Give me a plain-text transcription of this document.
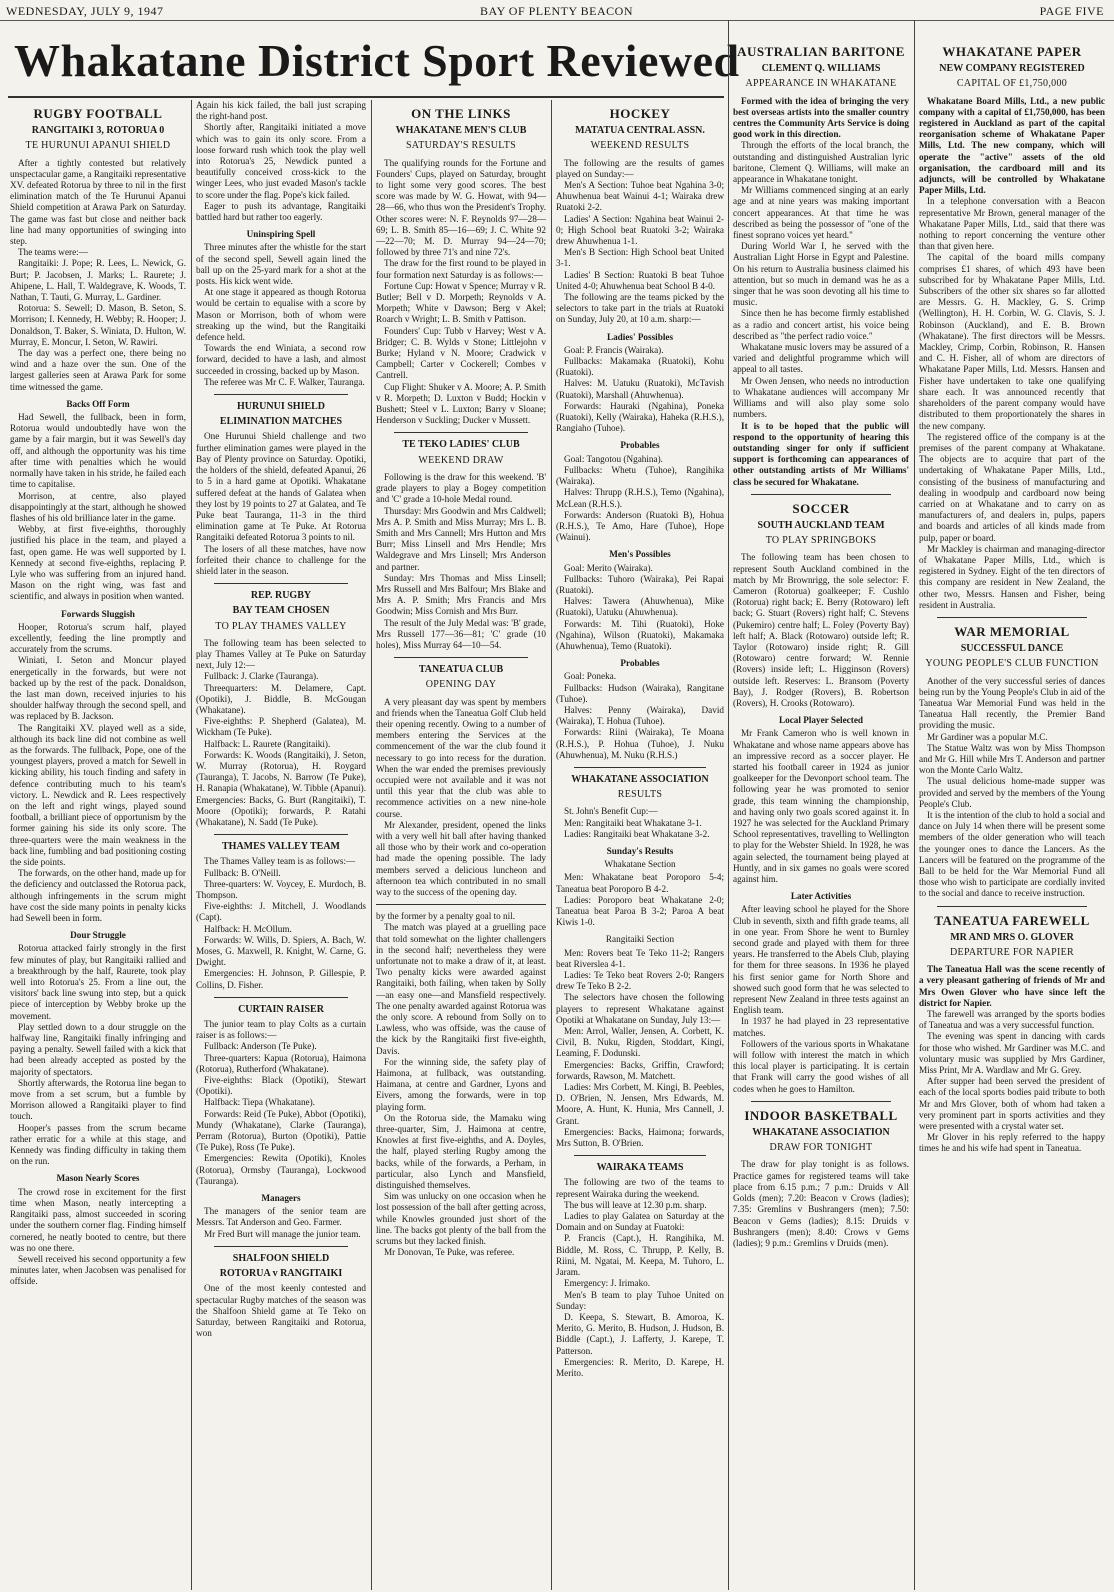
WEDNESDAY, JULY 9, 1947	BAY OF PLENTY BEACON	PAGE FIVE
Whakatane District Sport Reviewed
RUGBY FOOTBALL
RANGITAIKI 3, ROTORUA 0
TE HURUNUI APANUI SHIELD

After a tightly contested but relatively unspectacular game, a Rangitaiki representative XV. defeated Rotorua by three to nil in the first elimination match of the Te Hurunui Apanui Shield competition at Arawa Park on Saturday. The game was fast but close and neither back line had many opportunities of swinging into step.

The teams were:—

Rangitaiki: J. Pope; R. Lees, L. Newick, G. Burt; P. Jacobsen, J. Marks; L. Raurete; J. Ahipene, L. Hall, T. Waldegrave, K. Woods, T. Nathan, T. Tauti, G. Murray, L. Gardiner.

Rotorua: S. Sewell; D. Mason, B. Seton, S. Morrison; I. Kennedy, H. Webby; R. Hooper; J. Donaldson, T. Baker, S. Winiata, D. Hulton, W. Murray, E. Moncur, I. Seton, W. Rawiri.

The day was a perfect one, there being no wind and a haze over the sun. One of the largest galleries seen at Arawa Park for some time witnessed the game.

Backs Off Form

Had Sewell, the fullback, been in form, Rotorua would undoubtedly have won the game by a fair margin, but it was Sewell's day off, and although the opportunity was his time after time with penalties which he would normally have taken in his stride, he failed each time to capitalise.

Morrison, at centre, also played disappointingly at the start, although he showed flashes of his old brilliance later in the game.

Webby, at first five-eighths, thoroughly justified his place in the team, and played a fast, open game. He was well supported by I. Kennedy at second five-eighths, replacing P. Lyle who was suffering from an injured hand. Mason on the right wing, was fast and scientific, and always in position when wanted.

Forwards Sluggish

Hooper, Rotorua's scrum half, played excellently, feeding the line promptly and accurately from the scrums.

Winiati, I. Seton and Moncur played energetically in the forwards, but were not backed up by the rest of the pack. Donaldson, the last man down, received injuries to his shoulder halfway through the second spell, and was replaced by B. Jackson.

The Rangitaiki XV. played well as a side, although its back line did not combine as well as the forwards. The fullback, Pope, one of the youngest players, proved a match for Sewell in kicking ability, his touch finding and safety in defence contributing much to his team's victory. L. Newdick and R. Lees respectively on the left and right wings, played sound football, a brilliant piece of opportunism by the former gaining his side its only score. The three-quarters were the main weakness in the back line, fumbling and bad positioning costing the side points.

The forwards, on the other hand, made up for the deficiency and outclassed the Rotorua pack, although infringements in the scrum might have cost the side many points in penalty kicks had Sewell been in form.

Dour Struggle

Rotorua attacked fairly strongly in the first few minutes of play, but Rangitaiki rallied and a breakthrough by the half, Raurete, took play well into Rotorua's 25. From a line out, the visitors' back line swung into step, but a quick piece of interception by Webby broke up the movement.

Play settled down to a dour struggle on the halfway line, Rangitaiki finally infringing and paying a penalty. Sewell failed with a kick that had been already accepted as posted by the majority of spectators.

Shortly afterwards, the Rotorua line began to move from a set scrum, but a fumble by Morrison allowed a Rangitaiki player to find touch.

Hooper's passes from the scrum became rather erratic for a while at this stage, and Kennedy was finding difficulty in taking them on the run.

Mason Nearly Scores

The crowd rose in excitement for the first time when Mason, neatly intercepting a Rangitaiki pass, almost succeeded in scoring under the southern corner flag. Finding himself cornered, he neatly booted to centre, but there was no one there.

Sewell received his second opportunity a few minutes later, when Jacobsen was penalised for offside.

Again his kick failed, the ball just scraping the right-hand post.

Shortly after, Rangitaiki initiated a move which was to gain its only score. From a loose forward rush which took the play well into Rotorua's 25, Newdick punted a beautifully conceived cross-kick to the winger Lees, who just evaded Mason's tackle to score under the flag. Pope's kick failed.

Eager to push its advantage, Rangitaiki battled hard but rather too eagerly.

Uninspiring Spell

Three minutes after the whistle for the start of the second spell, Sewell again lined the ball up on the 25-yard mark for a shot at the posts. His kick went wide.

At one stage it appeared as though Rotorua would be certain to equalise with a score by Mason or Morrison, both of whom were streaking up the wind, but the Rangitaiki defence held.

Towards the end Winiata, a second row forward, decided to have a lash, and almost succeeded in crossing, backed up by Mason.

The referee was Mr C. F. Walker, Tauranga.

HURUNUI SHIELD
ELIMINATION MATCHES

One Hurunui Shield challenge and two further elimination games were played in the Bay of Plenty province on Saturday. Opotiki, the holders of the shield, defeated Apanui, 26 to 5 in a hard game at Opotiki. Whakatane suffered defeat at the hands of Galatea when they lost by 19 points to 27 at Galatea, and Te Puke beat Tauranga, 11-3 in the third elimination game at Te Puke. At Rotorua Rangitaiki defeated Rotorua 3 points to nil.

The losers of all these matches, have now forfeited their chance to challenge for the shield later in the season.

REP. RUGBY
BAY TEAM CHOSEN
TO PLAY THAMES VALLEY

The following team has been selected to play Thames Valley at Te Puke on Saturday next, July 12:—

Fullback: J. Clarke (Tauranga).

Threequarters: M. Delamere, Capt. (Opotiki), J. Biddle, B. McGougan (Whakatane).

Five-eighths: P. Shepherd (Galatea), M. Wickham (Te Puke).

Halfback: L. Raurete (Rangitaiki).

Forwards: K. Woods (Rangitaiki), J. Seton, W. Murray (Rotorua), H. Roygard (Tauranga), T. Jacobs, N. Barrow (Te Puke), H. Ranapia (Whakatane), W. Tibble (Apanui). Emergencies: Backs, G. Burt (Rangitaiki), T. Moore (Opotiki); forwards, P. Ratahi (Whakatane), N. Sadd (Te Puke).

THAMES VALLEY TEAM

The Thames Valley team is as follows:—

Fullback: B. O'Neill.

Three-quarters: W. Voycey, E. Murdoch, B. Thompson.

Five-eighths: J. Mitchell, J. Woodlands (Capt).

Halfback: H. McOllum.

Forwards: W. Wills, D. Spiers, A. Bach, W. Moses, G. Maxwell, R. Knight, W. Carne, G. Dwight.

Emergencies: H. Johnson, P. Gillespie, P. Collins, D. Fisher.

CURTAIN RAISER

The junior team to play Colts as a curtain raiser is as follows:—

Fullback: Anderson (Te Puke).

Three-quarters: Kapua (Rotorua), Haimona (Rotorua), Rutherford (Whakatane).

Five-eighths: Black (Opotiki), Stewart (Opotiki).

Halfback: Tiepa (Whakatane).

Forwards: Reid (Te Puke), Abbot (Opotiki), Mundy (Whakatane), Clarke (Tauranga), Perram (Rotorua), Burton (Opotiki), Pattie (Te Puke), Ross (Te Puke).

Emergencies: Rewita (Opotiki), Knoles (Rotorua), Ormsby (Tauranga), Lockwood (Tauranga).

Managers

The managers of the senior team are Messrs. Tat Anderson and Geo. Farmer.

Mr Fred Burt will manage the junior team.

SHALFOON SHIELD
ROTORUA v RANGITAIKI

One of the most keenly contested and spectacular Rugby matches of the season was the Shalfoon Shield game at Te Teko on Saturday, between Rangitaiki and Rotorua, won

ON THE LINKS
WHAKATANE MEN'S CLUB
SATURDAY'S RESULTS

The qualifying rounds for the Fortune and Founders' Cups, played on Saturday, brought to light some very good scores. The best score was made by W. G. Howat, with 94—28—66, who thus won the President's Trophy. Other scores were: N. F. Reynolds 97—28—69; L. B. Smith 85—16—69; J. C. White 92—22—70; M. D. Murray 94—24—70; followed by three 71's and nine 72's.

The draw for the first round to be played in four formation next Saturday is as follows:—

Fortune Cup: Howat v Spence; Murray v R. Butler; Bell v D. Morpeth; Reynolds v A. Morpeth; White v Dawson; Berg v Akel; Roarch v Wright; L. B. Smith v Pattison.

Founders' Cup: Tubb v Harvey; West v A. Bridger; C. B. Wylds v Stone; Littlejohn v Burke; Hyland v N. Moore; Cradwick v Campbell; Carter v Cockerell; Combes v Cantrell.

Cup Flight: Shuker v A. Moore; A. P. Smith v R. Morpeth; D. Luxton v Budd; Hockin v Bushett; Steel v L. Luxton; Barry v Sloane; Henderson v Suckling; Ducker v Mussett.

TE TEKO LADIES' CLUB
WEEKEND DRAW

Following is the draw for this weekend. 'B' grade players to play a Bogey competition and 'C' grade a 10-hole Medal round.

Thursday: Mrs Goodwin and Mrs Caldwell; Mrs A. P. Smith and Miss Murray; Mrs L. B. Smith and Mrs Cannell; Mrs Hutton and Mrs Burr; Miss Linsell and Mrs Hendle; Mrs Waldegrave and Mrs Linsell; Mrs Anderson and partner.

Sunday: Mrs Thomas and Miss Linsell; Mrs Russell and Mrs Balfour; Mrs Blake and Mrs A. P. Smith; Mrs Francis and Mrs Goodwin; Miss Cornish and Mrs Burr.

The result of the July Medal was: 'B' grade, Mrs Russell 177—36—81; 'C' grade (10 holes), Miss Murray 64—10—54.

TANEATUA CLUB
OPENING DAY

A very pleasant day was spent by members and friends when the Taneatua Golf Club held their opening recently. Owing to a number of members entering the Services at the commencement of the war the club found it necessary to go into recess for the duration. When the war ended the premises previously occupied were not available and it was not until this year that the club was able to recommence activities on a new nine-hole course.

Mr Alexander, president, opened the links with a very well hit ball after having thanked all those who by their work and co-operation had made the opening possible. The lady members served a delicious luncheon and afternoon tea which contributed in no small way to the success of the opening day.

by the former by a penalty goal to nil.

The match was played at a gruelling pace that told somewhat on the lighter challengers in the second half; nevertheless they were unfortunate not to make a draw of it, at least. Two penalty kicks were awarded against Rangitaiki, both failing, when taken by Solly—an easy one—and Mansfield respectively. The one penalty awarded against Rotorua was the only score. A rebound from Solly on to Lawless, who was offside, was the cause of the kick by the Rangitaiki first five-eighth, Davis.

For the winning side, the safety play of Haimona, at fullback, was outstanding. Haimana, at centre and Gardner, Lyons and Eivers, among the forwards, were in top playing form.

On the Rotorua side, the Mamaku wing three-quarter, Sim, J. Haimona at centre, Knowles at first five-eighths, and A. Doyles, the half, played sterling Rugby among the backs, while of the forwards, a Perham, in particular, also Lynch and Mansfield, distinguished themselves.

Sim was unlucky on one occasion when he lost possession of the ball after getting across, while Knowles grounded just short of the line. The backs got plenty of the ball from the scrums but they lacked finish.

Mr Donovan, Te Puke, was referee.

HOCKEY
MATATUA CENTRAL ASSN.
WEEKEND RESULTS

The following are the results of games played on Sunday:—

Men's A Section: Tuhoe beat Ngahina 3-0; Ahuwhenua beat Wainui 4-1; Wairaka drew Ruatoki 2-2.

Ladies' A Section: Ngahina beat Wainui 2-0; High School beat Ruatoki 3-2; Wairaka drew Ahuwhenua 1-1.

Men's B Section: High School beat United 3-1.

Ladies' B Section: Ruatoki B beat Tuhoe United 4-0; Ahuwhenua beat School B 4-0.

The following are the teams picked by the selectors to take part in the trials at Ruatoki on Sunday, July 20, at 10 a.m. sharp:—

Ladies' Possibles

Goal: P. Francis (Wairaka).

Fullbacks: Makamaka (Ruatoki), Kohu (Ruatoki).

Halves: M. Uatuku (Ruatoki), McTavish (Ruatoki), Marshall (Ahuwhenua).

Forwards: Hauraki (Ngahina), Poneka (Ruatoki), Kelly (Wairaka), Haheka (R.H.S.), Rangiaho (Tuhoe).

Probables

Goal: Tangotou (Ngahina).

Fullbacks: Whetu (Tuhoe), Rangihika (Wairaka).

Halves: Thrupp (R.H.S.), Temo (Ngahina), McLean (R.H.S.).

Forwards: Anderson (Ruatoki B), Hohua (R.H.S.), Te Amo, Hare (Tuhoe), Hope (Wainui).

Men's Possibles

Goal: Merito (Wairaka).

Fullbacks: Tuhoro (Wairaka), Pei Rapai (Ruatoki).

Halves: Tawera (Ahuwhenua), Mike (Ruatoki), Uatuku (Ahuwhenua).

Forwards: M. Tihi (Ruatoki), Hoke (Ngahina), Wilson (Ruatoki), Makamaka (Ahuwhenua), Temo (Ruatoki).

Probables

Goal: Poneka.

Fullbacks: Hudson (Wairaka), Rangitane (Tuhoe).

Halves: Penny (Wairaka), David (Wairaka), T. Hohua (Tuhoe).

Forwards: Riini (Wairaka), Te Moana (R.H.S.), P. Hohua (Tuhoe), J. Nuku (Ahuwhenua), M. Nuku (R.H.S.)

WHAKATANE ASSOCIATION
RESULTS

St. John's Benefit Cup:—

Men: Rangitaiki beat Whakatane 3-1.

Ladies: Rangitaiki beat Whakatane 3-2.

Sunday's Results

Whakatane Section

Men: Whakatane beat Poroporo 5-4; Taneatua beat Poroporo B 4-2.

Ladies: Poroporo beat Whakatane 2-0; Taneatua beat Paroa B 3-2; Paroa A beat Kiwis 1-0.

Rangitaiki Section

Men: Rovers beat Te Teko 11-2; Rangers beat Riverslea 4-1.

Ladies: Te Teko beat Rovers 2-0; Rangers drew Te Teko B 2-2.

The selectors have chosen the following players to represent Whakatane against Opotiki at Whakatane on Sunday, July 13:—

Men: Arrol, Waller, Jensen, A. Corbett, K. Civil, B. Nuku, Rigden, Stoddart, Kingi, Leaming, F. Dodunski.

Emergencies: Backs, Griffin, Crawford; forwards, Rawson, M. Matchett.

Ladies: Mrs Corbett, M. Kingi, B. Peebles, D. O'Brien, N. Jensen, Mrs Edwards, M. Moore, A. Hunt, K. Hunia, Mrs Cannell, J. Grant.

Emergencies: Backs, Haimona; forwards, Mrs Sutton, B. O'Brien.

WAIRAKA TEAMS

The following are two of the teams to represent Wairaka during the weekend.

The bus will leave at 12.30 p.m. sharp.

Ladies to play Galatea on Saturday at the Domain and on Sunday at Fuatoki:

P. Francis (Capt.), H. Rangihika, M. Biddle, M. Ross, C. Thrupp, P. Kelly, B. Riini, M. Ngatai, M. Keepa, M. Tuhoro, L. Jaram.

Emergency: J. Irimako.

Men's B team to play Tuhoe United on Sunday:

D. Keepa, S. Stewart, B. Amoroa, K. Merito, G. Merito, B. Hudson, J. Hudson, B. Biddle (Capt.), J. Lafferty, J. Karepe, T. Patterson.

Emergencies: R. Merito, D. Karepe, H. Merito.

AUSTRALIAN BARITONE
CLEMENT Q. WILLIAMS
APPEARANCE IN WHAKATANE

Formed with the idea of bringing the very best overseas artists into the smaller country centres the Community Arts Service is doing good work in this direction.

Through the efforts of the local branch, the outstanding and distinguished Australian lyric baritone, Clement Q. Williams, will make an appearance in Whakatane tonight.

Mr Williams commenced singing at an early age and at nine years was making important concert appearances. At that time he was described as being the possessor of "one of the finest soprano voices yet heard."

During World War I, he served with the Australian Light Horse in Egypt and Palestine. On his return to Australia business claimed his attention, but so much in demand was he as a singer that he was soon devoting all his time to music.

Since then he has become firmly established as a radio and concert artist, his voice being described as "the perfect radio voice."

Whakatane music lovers may be assured of a varied and delightful programme which will appeal to all tastes.

Mr Owen Jensen, who needs no introduction to Whakatane audiences will accompany Mr Williams and will also play some solo numbers.

It is to be hoped that the public will respond to the opportunity of hearing this outstanding singer for only if sufficient support is forthcoming can appearances of other outstanding artists of Mr Williams' class be secured for Whakatane.

SOCCER
SOUTH AUCKLAND TEAM
TO PLAY SPRINGBOKS

The following team has been chosen to represent South Auckland combined in the match by Mr Brownrigg, the sole selector: F. Cameron (Rotorua) goalkeeper; F. Cushlo (Rotorua) right back; E. Berry (Rotowaro) left back; G. Stuart (Rovers) right half; C. Stevens (Pukemiro) centre half; L. Foley (Poverty Bay) left half; A. Black (Rotowaro) outside left; R. Taylor (Rotowaro) inside right; R. Gill (Rotowaro) centre forward; W. Rennie (Rovers) inside left; L. Higginson (Rovers) outside left. Reserves: L. Bransom (Poverty Bay), J. Rodger (Rovers), B. Robertson (Rovers), H. Crooks (Rotowaro).

Local Player Selected

Mr Frank Cameron who is well known in Whakatane and whose name appears above has an impressive record as a soccer player. He started his football career in 1924 as junior goalkeeper for the Devonport school team. The following year he was promoted to senior grade, this team winning the championship, and having only two goals scored against it. In 1927 he was selected for the Auckland Primary School representatives, travelling to Wellington to play for the Webster Shield. In 1928, he was again selected, the tournament being played at Huntly, and in six games no goals were scored against him.

Later Activities

After leaving school he played for the Shore Club in seventh, sixth and fifth grade teams, all in one year. From Shore he went to Burnley second grade and played with them for three years. He transferred to the Abels Club, playing for them for three seasons. In 1936 he played his first senior game for North Shore and showed such good form that he was selected to represent New Zealand in three tests against an English team.

In 1937 he had played in 23 representative matches.

Followers of the various sports in Whakatane will follow with interest the match in which this local player is participating. It is certain that Frank will carry the good wishes of all codes when he goes to Hamilton.

INDOOR BASKETBALL
WHAKATANE ASSOCIATION
DRAW FOR TONIGHT

The draw for play tonight is as follows. Practice games for registered teams will take place from 6.15 p.m.; 7 p.m.: Druids v All Golds (men); 7.20: Beacon v Crows (ladies); 7.35: Gremlins v Bushrangers (men); 7.50: Beacon v Gems (ladies); 8.15: Druids v Bushrangers (men); 8.40: Crows v Gems (ladies); 9 p.m.: Gremlins v Druids (men).

WHAKATANE PAPER
NEW COMPANY REGISTERED
CAPITAL OF £1,750,000

Whakatane Board Mills, Ltd., a new public company with a capital of £1,750,000, has been registered in Auckland as part of the capital reorganisation scheme of Whakatane Paper Mills, Ltd. The new company, which will operate the "active" assets of the old organisation, the cardboard mill and its adjuncts, will be controlled by Whakatane Paper Mills, Ltd.

In a telephone conversation with a Beacon representative Mr Brown, general manager of the Whakatane Paper Mills, Ltd., said that there was nothing to report concerning the venture other than that given here.

The capital of the board mills company comprises £1 shares, of which 493 have been subscribed for by Whakatane Paper Mills, Ltd. Subscribers of the other six shares so far allotted are Messrs. G. H. Mackley, G. S. Crimp (Wellington), H. H. Corbin, W. G. Clavis, S. J. Robinson (Auckland), and E. B. Brown (Whakatane). The first directors will be Messrs. Mackley, Crimp, Corbin, Robinson, R. Hansen and C. H. Fisher, all of whom are directors of Whakatane Paper Mills, Ltd. Messrs. Hansen and Fisher have undertaken to take one qualifying share each. It was announced recently that shareholders of the parent company would have distributed to them proportionately the shares in the new company.

The registered office of the company is at the premises of the parent company at Whakatane. The objects are to acquire that part of the undertaking of Whakatane Paper Mills, Ltd., consisting of the business of manufacturing and dealing in woodpulp and cardboard now being carried on at Whakatane and to carry on as manufacturers of, and dealers in, pulps, papers and boards and articles of all kinds made from pulp, paper or board.

Mr Mackley is chairman and managing-director of Whakatane Paper Mills, Ltd., which is registered in Sydney. Eight of the ten directors of this company are resident in New Zealand, the other two, Messrs. Hansen and Fisher, being resident in Australia.

WAR MEMORIAL
SUCCESSFUL DANCE
YOUNG PEOPLE'S CLUB FUNCTION

Another of the very successful series of dances being run by the Young People's Club in aid of the Taneatua War Memorial Fund was held in the Taneatua Hall recently, the Premier Band providing the music.

Mr Gardiner was a popular M.C.

The Statue Waltz was won by Miss Thompson and Mr G. Hill while Mrs T. Anderson and partner won the Monte Carlo Waltz.

The usual delicious home-made supper was provided and served by the members of the Young People's Club.

It is the intention of the club to hold a social and dance on July 14 when there will be present some members of the older generation who will teach the younger ones to dance the Lancers. As the Lancers will be featured on the programme of the Ball to be held for the War Memorial Fund all those who wish to participate are cordially invited to the social and dance to receive instruction.

TANEATUA FAREWELL
MR AND MRS O. GLOVER
DEPARTURE FOR NAPIER

The Taneatua Hall was the scene recently of a very pleasant gathering of friends of Mr and Mrs Owen Glover who have since left the district for Napier.

The farewell was arranged by the sports bodies of Taneatua and was a very successful function.

The evening was spent in dancing with cards for those who wished. Mr Gardiner was M.C. and voluntary music was supplied by Mrs Gardiner, Miss Print, Mr A. Wardlaw and Mr G. Grey.

After supper had been served the president of each of the local sports bodies paid tribute to both Mr and Mrs Glover, both of whom had taken a very prominent part in sports activities and they were presented with a crystal water set.

Mr Glover in his reply referred to the happy times he and his wife had spent in Taneatua.
